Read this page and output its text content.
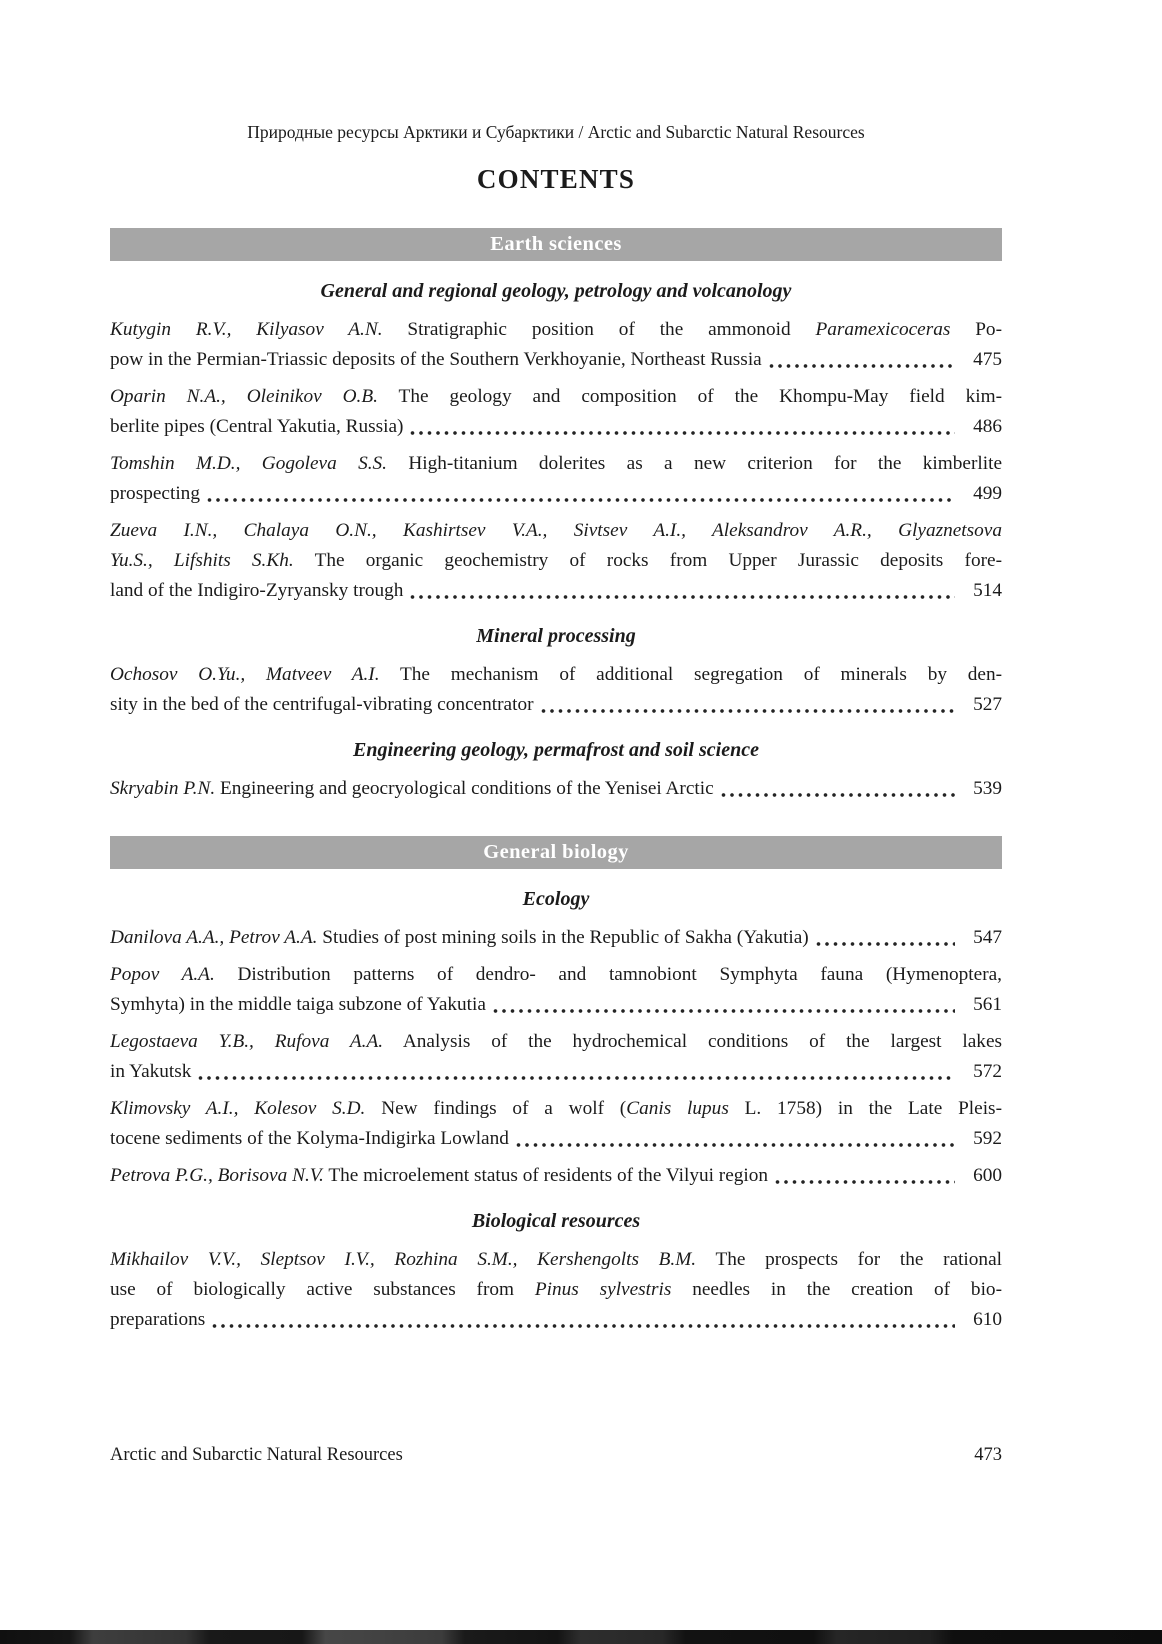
Природные ресурсы Арктики и Субарктики / Arctic and Subarctic Natural Resources
CONTENTS
Earth sciences
General and regional geology, petrology and volcanology
Kutygin R.V., Kilyasov A.N. Stratigraphic position of the ammonoid Paramexicoceras Po-
pow in the Permian-Triassic deposits of the Southern Verkhoyanie, Northeast Russia	475
Oparin N.A., Oleinikov O.B. The geology and composition of the Khompu-May field kim-
berlite pipes (Central Yakutia, Russia)	486
Tomshin M.D., Gogoleva S.S. High-titanium dolerites as a new criterion for the kimberlite
prospecting	499
Zueva I.N., Chalaya O.N., Kashirtsev V.A., Sivtsev A.I., Aleksandrov A.R., Glyaznetsova
Yu.S., Lifshits S.Kh. The organic geochemistry of rocks from Upper Jurassic deposits fore-
land of the Indigiro-Zyryansky trough	514
Mineral processing
Ochosov O.Yu., Matveev A.I. The mechanism of additional segregation of minerals by den-
sity in the bed of the centrifugal-vibrating concentrator	527
Engineering geology, permafrost and soil science
Skryabin P.N. Engineering and geocryological conditions of the Yenisei Arctic	539
General biology
Ecology
Danilova A.A., Petrov A.A. Studies of post mining soils in the Republic of Sakha (Yakutia)	547
Popov A.A. Distribution patterns of dendro- and tamnobiont Symphyta fauna (Hymenoptera,
Symhyta) in the middle taiga subzone of Yakutia	561
Legostaeva Y.B., Rufova A.A. Analysis of the hydrochemical conditions of the largest lakes
in Yakutsk	572
Klimovsky A.I., Kolesov S.D. New findings of a wolf (Canis lupus L. 1758) in the Late Pleis-
tocene sediments of the Kolyma-Indigirka Lowland	592
Petrova P.G., Borisova N.V. The microelement status of residents of the Vilyui region	600
Biological resources
Mikhailov V.V., Sleptsov I.V., Rozhina S.M., Kershengolts B.M. The prospects for the rational
use of biologically active substances from Pinus sylvestris needles in the creation of bio-
preparations	610
Arctic and Subarctic Natural Resources	473
